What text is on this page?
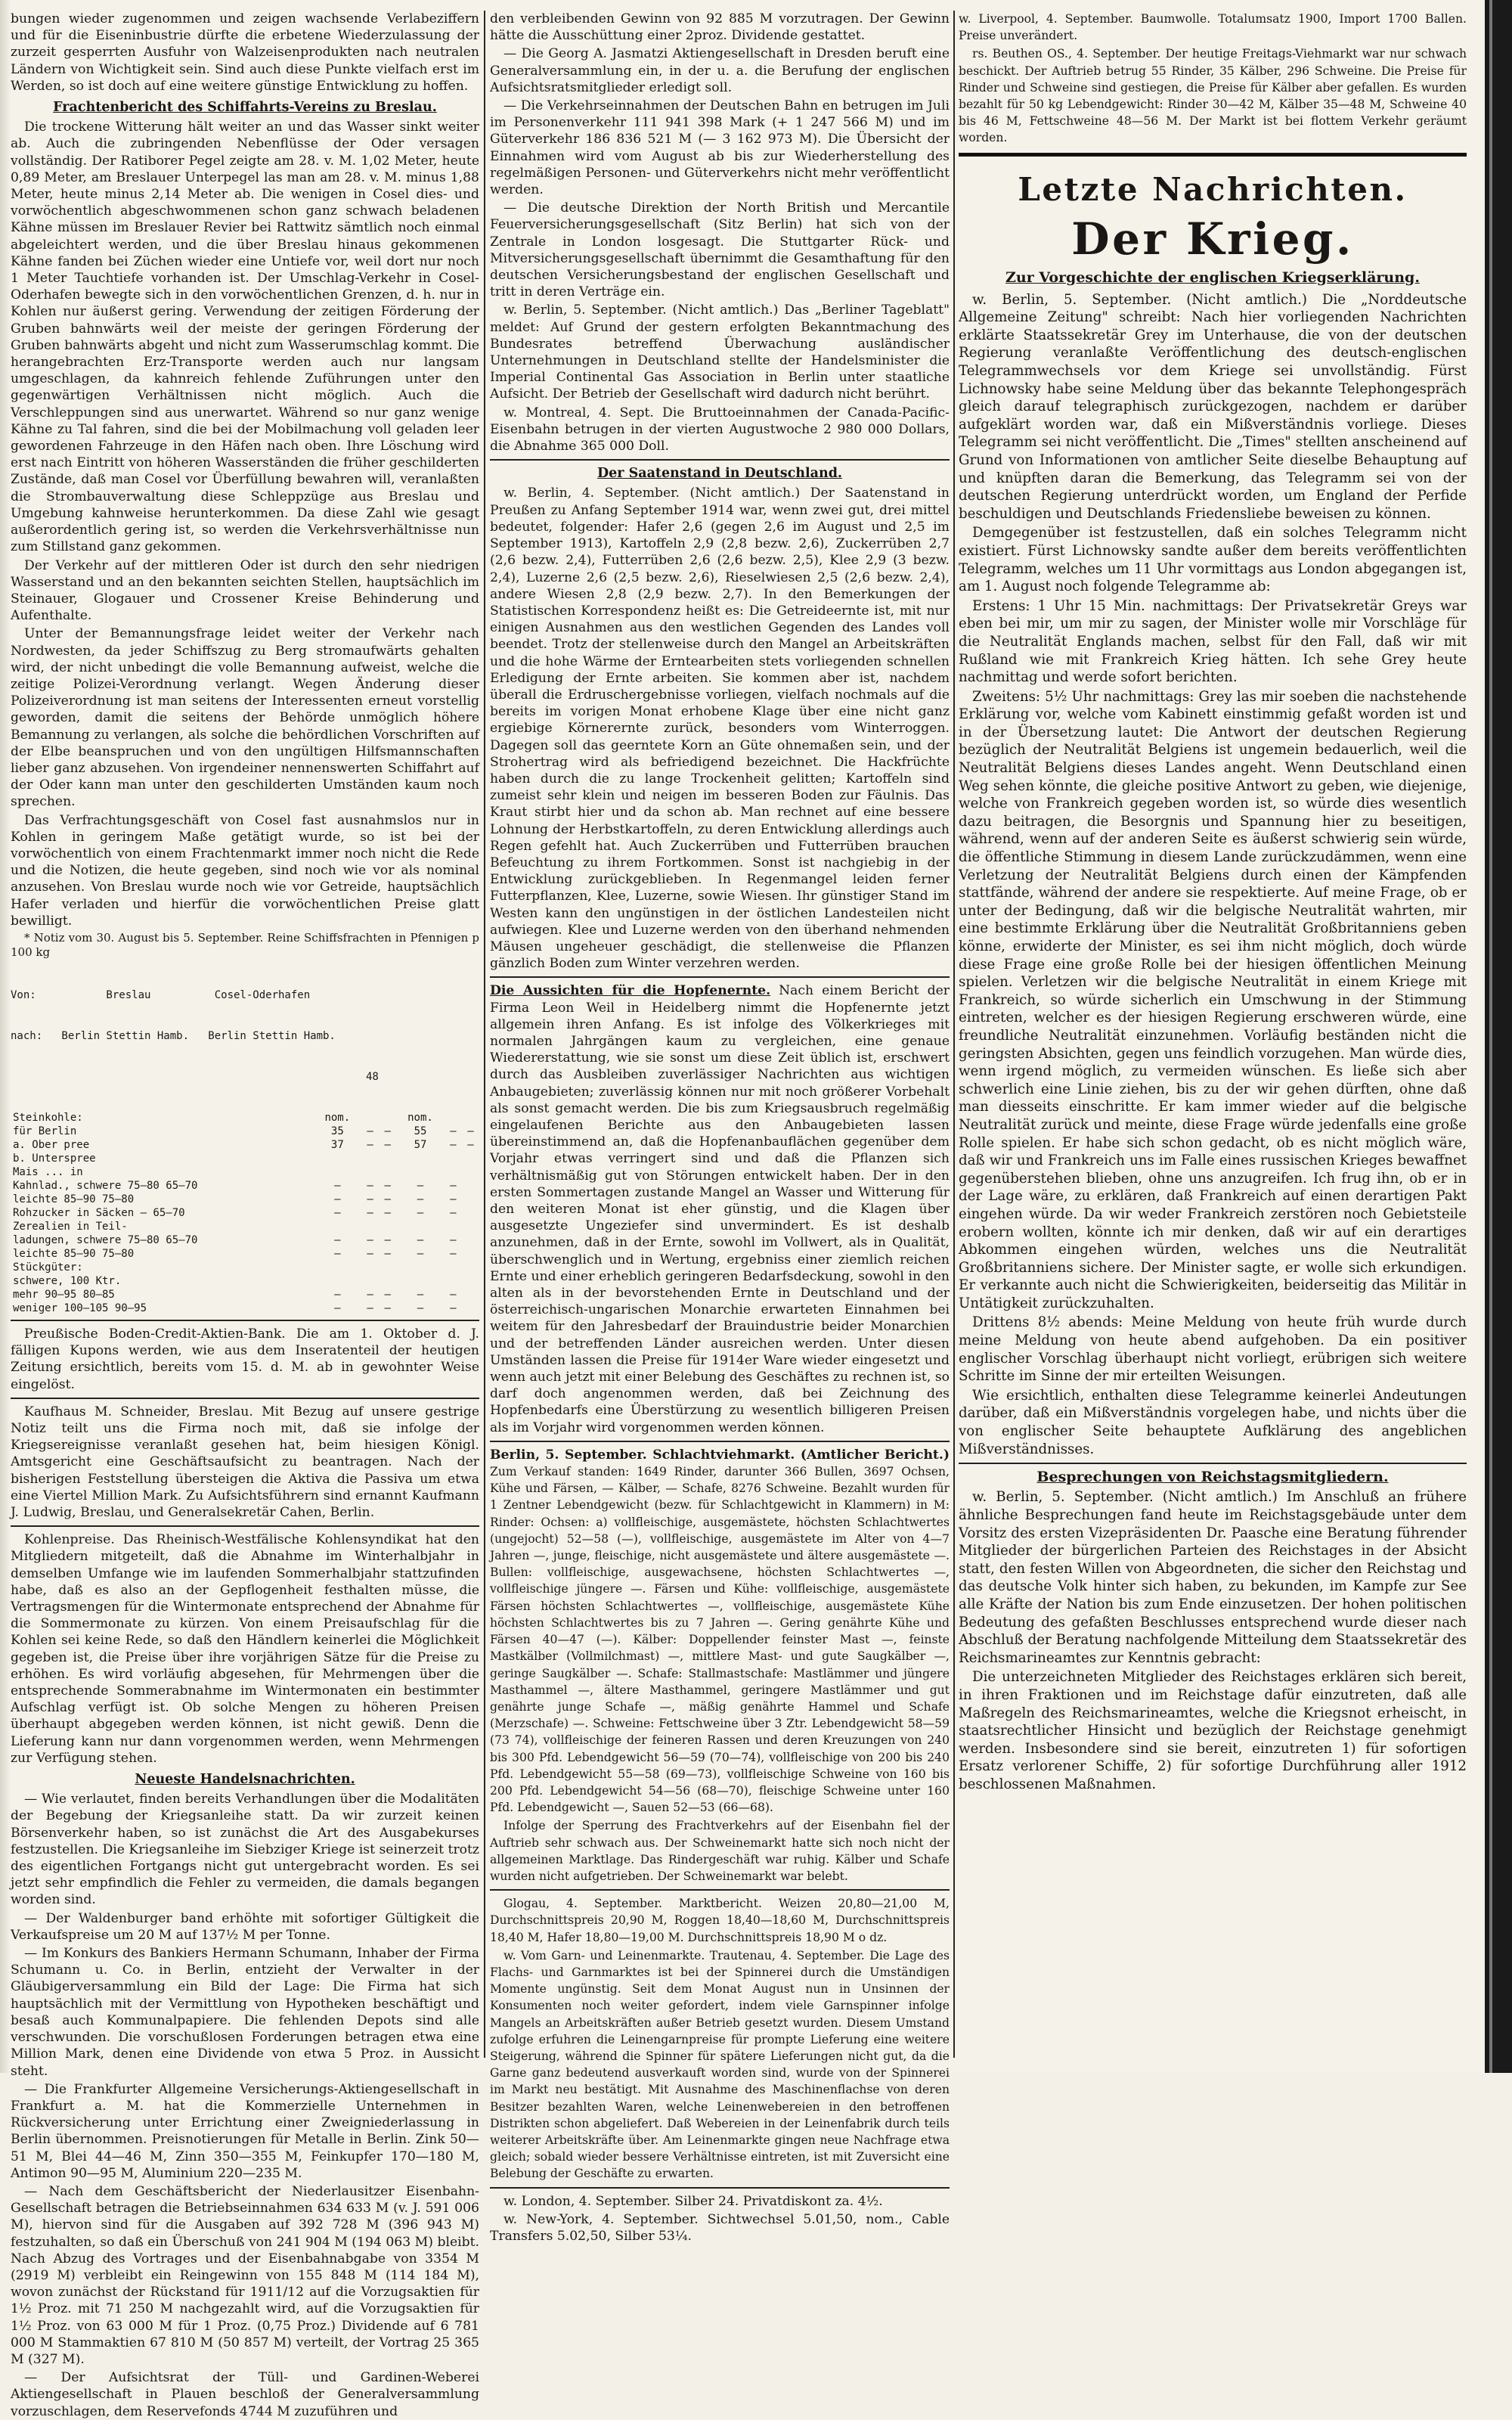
bungen wieder zugenommen und zeigen wachsende Verlabeziffern und für die Eiseninbustrie dürfte die erbetene Wiederzulassung der zurzeit gesperrten Ausfuhr von Walzeisenprodukten nach neutralen Ländern von Wichtigkeit sein. Sind auch diese Punkte vielfach erst im Werden, so ist doch auf eine weitere günstige Entwicklung zu hoffen.

Frachtenbericht des Schiffahrts-Vereins zu Breslau.

Die trockene Witterung hält weiter an und das Wasser sinkt weiter ab. Auch die zubringenden Nebenflüsse der Oder versagen vollständig. Der Ratiborer Pegel zeigte am 28. v. M. 1,02 Meter, heute 0,89 Meter, am Breslauer Unterpegel las man am 28. v. M. minus 1,88 Meter, heute minus 2,14 Meter ab. Die wenigen in Cosel dies- und vorwöchentlich abgeschwommenen schon ganz schwach beladenen Kähne müssen im Breslauer Revier bei Rattwitz sämtlich noch einmal abgeleichtert werden, und die über Breslau hinaus gekommenen Kähne fanden bei Züchen wieder eine Untiefe vor, weil dort nur noch 1 Meter Tauchtiefe vorhanden ist. Der Umschlag-Verkehr in Cosel-Oderhafen bewegte sich in den vorwöchentlichen Grenzen, d. h. nur in Kohlen nur äußerst gering. Verwendung der zeitigen Förderung der Gruben bahnwärts weil der meiste der geringen Förderung der Gruben bahnwärts abgeht und nicht zum Wasserumschlag kommt. Die herangebrachten Erz-Transporte werden auch nur langsam umgeschlagen, da kahnreich fehlende Zuführungen unter den gegenwärtigen Verhältnissen nicht möglich. Auch die Verschleppungen sind aus unerwartet. Während so nur ganz wenige Kähne zu Tal fahren, sind die bei der Mobilmachung voll geladen leer gewordenen Fahrzeuge in den Häfen nach oben. Ihre Löschung wird erst nach Eintritt von höheren Wasserständen die früher geschilderten Zustände, daß man Cosel vor Überfüllung bewahren will, veranlaßten die Strombauverwaltung diese Schleppzüge aus Breslau und Umgebung kahnweise herunterkommen. Da diese Zahl wie gesagt außerordentlich gering ist, so werden die Verkehrsverhältnisse nun zum Stillstand ganz gekommen.

Der Verkehr auf der mittleren Oder ist durch den sehr niedrigen Wasserstand und an den bekannten seichten Stellen, hauptsächlich im Steinauer, Glogauer und Crossener Kreise Behinderung und Aufenthalte.

Unter der Bemannungsfrage leidet weiter der Verkehr nach Nordwesten, da jeder Schiffszug zu Berg stromaufwärts gehalten wird, der nicht unbedingt die volle Bemannung aufweist, welche die zeitige Polizei-Verordnung verlangt. Wegen Änderung dieser Polizeiverordnung ist man seitens der Interessenten erneut vorstellig geworden, damit die seitens der Behörde unmöglich höhere Bemannung zu verlangen, als solche die behördlichen Vorschriften auf der Elbe beanspruchen und von den ungültigen Hilfsmannschaften lieber ganz abzusehen. Von irgendeiner nennenswerten Schiffahrt auf der Oder kann man unter den geschilderten Umständen kaum noch sprechen.

Das Verfrachtungsgeschäft von Cosel fast ausnahmslos nur in Kohlen in geringem Maße getätigt wurde, so ist bei der vorwöchentlich von einem Frachtenmarkt immer noch nicht die Rede und die Notizen, die heute gegeben, sind noch wie vor als nominal anzusehen. Von Breslau wurde noch wie vor Getreide, hauptsächlich Hafer verladen und hierfür die vorwöchentlichen Preise glatt bewilligt.

* Notiz vom 30. August bis 5. September. Reine Schiffsfrachten in Pfennigen p 100 kg

Von:           Breslau          Cosel-Oderhafen

nach:   Berlin Stettin Hamb.   Berlin Stettin Hamb.

48

Steinkohle:	nom.			nom.		
für Berlin	35	—	—	55	—	—
a. Ober pree	37	—	—	57	—	—
b. Unterspree						
Mais ... in						
Kahnlad., schwere 75—80 65—70	—	—	—	—	—	
leichte 85—90 75—80	—	—	—	—	—	
Rohzucker in Säcken — 65—70	—	—	—	—	—	
Zerealien in Teil-						
ladungen, schwere 75—80 65—70	—	—	—	—	—	
leichte 85—90 75—80	—	—	—	—	—	
Stückgüter:						
schwere, 100 Ktr.						
mehr 90—95 80—85	—	—	—	—	—	
weniger 100—105 90—95	—	—	—	—	—	

Preußische Boden-Credit-Aktien-Bank. Die am 1. Oktober d. J. fälligen Kupons werden, wie aus dem Inseratenteil der heutigen Zeitung ersichtlich, bereits vom 15. d. M. ab in gewohnter Weise eingelöst.

Kaufhaus M. Schneider, Breslau. Mit Bezug auf unsere gestrige Notiz teilt uns die Firma noch mit, daß sie infolge der Kriegsereignisse veranlaßt gesehen hat, beim hiesigen Königl. Amtsgericht eine Geschäftsaufsicht zu beantragen. Nach der bisherigen Feststellung übersteigen die Aktiva die Passiva um etwa eine Viertel Million Mark. Zu Aufsichtsführern sind ernannt Kaufmann J. Ludwig, Breslau, und Generalsekretär Cahen, Berlin.

Kohlenpreise. Das Rheinisch-Westfälische Kohlensyndikat hat den Mitgliedern mitgeteilt, daß die Abnahme im Winterhalbjahr in demselben Umfange wie im laufenden Sommerhalbjahr stattzufinden habe, daß es also an der Gepflogenheit festhalten müsse, die Vertragsmengen für die Wintermonate entsprechend der Abnahme für die Sommermonate zu kürzen. Von einem Preisaufschlag für die Kohlen sei keine Rede, so daß den Händlern keinerlei die Möglichkeit gegeben ist, die Preise über ihre vorjährigen Sätze für die Preise zu erhöhen. Es wird vorläufig abgesehen, für Mehrmengen über die entsprechende Sommerabnahme im Wintermonaten ein bestimmter Aufschlag verfügt ist. Ob solche Mengen zu höheren Preisen überhaupt abgegeben werden können, ist nicht gewiß. Denn die Lieferung kann nur dann vorgenommen werden, wenn Mehrmengen zur Verfügung stehen.

Neueste Handelsnachrichten.

— Wie verlautet, finden bereits Verhandlungen über die Modalitäten der Begebung der Kriegsanleihe statt. Da wir zurzeit keinen Börsenverkehr haben, so ist zunächst die Art des Ausgabekurses festzustellen. Die Kriegsanleihe im Siebziger Kriege ist seinerzeit trotz des eigentlichen Fortgangs nicht gut untergebracht worden. Es sei jetzt sehr empfindlich die Fehler zu vermeiden, die damals begangen worden sind.

— Der Waldenburger band erhöhte mit sofortiger Gültigkeit die Verkaufspreise um 20 M auf 137½ M per Tonne.

— Im Konkurs des Bankiers Hermann Schumann, Inhaber der Firma Schumann u. Co. in Berlin, entzieht der Verwalter in der Gläubigerversammlung ein Bild der Lage: Die Firma hat sich hauptsächlich mit der Vermittlung von Hypotheken beschäftigt und besaß auch Kommunalpapiere. Die fehlenden Depots sind alle verschwunden. Die vorschußlosen Forderungen betragen etwa eine Million Mark, denen eine Dividende von etwa 5 Proz. in Aussicht steht.

— Die Frankfurter Allgemeine Versicherungs-Aktiengesellschaft in Frankfurt a. M. hat die Kommerzielle Unternehmen in Rückversicherung unter Errichtung einer Zweigniederlassung in Berlin übernommen. Preisnotierungen für Metalle in Berlin. Zink 50—51 M, Blei 44—46 M, Zinn 350—355 M, Feinkupfer 170—180 M, Antimon 90—95 M, Aluminium 220—235 M.

— Nach dem Geschäftsbericht der Niederlausitzer Eisenbahn-Gesellschaft betragen die Betriebseinnahmen 634 633 M (v. J. 591 006 M), hiervon sind für die Ausgaben auf 392 728 M (396 943 M) festzuhalten, so daß ein Überschuß von 241 904 M (194 063 M) bleibt. Nach Abzug des Vortrages und der Eisenbahnabgabe von 3354 M (2919 M) verbleibt ein Reingewinn von 155 848 M (114 184 M), wovon zunächst der Rückstand für 1911/12 auf die Vorzugsaktien für 1½ Proz. mit 71 250 M nachgezahlt wird, auf die Vorzugsaktien für 1½ Proz. von 63 000 M für 1 Proz. (0,75 Proz.) Dividende auf 6 781 000 M Stammaktien 67 810 M (50 857 M) verteilt, der Vortrag 25 365 M (327 M).

— Der Aufsichtsrat der Tüll- und Gardinen-Weberei Aktiengesellschaft in Plauen beschloß der Generalversammlung vorzuschlagen, dem Reservefonds 4744 M zuzuführen und

den verbleibenden Gewinn von 92 885 M vorzutragen. Der Gewinn hätte die Ausschüttung einer 2proz. Dividende gestattet.

— Die Georg A. Jasmatzi Aktiengesellschaft in Dresden beruft eine Generalversammlung ein, in der u. a. die Berufung der englischen Aufsichtsratsmitglieder erledigt soll.

— Die Verkehrseinnahmen der Deutschen Bahn en betrugen im Juli im Personenverkehr 111 941 398 Mark (+ 1 247 566 M) und im Güterverkehr 186 836 521 M (— 3 162 973 M). Die Übersicht der Einnahmen wird vom August ab bis zur Wiederherstellung des regelmäßigen Personen- und Güterverkehrs nicht mehr veröffentlicht werden.

— Die deutsche Direktion der North British und Mercantile Feuerversicherungsgesellschaft (Sitz Berlin) hat sich von der Zentrale in London losgesagt. Die Stuttgarter Rück- und Mitversicherungsgesellschaft übernimmt die Gesamthaftung für den deutschen Versicherungsbestand der englischen Gesellschaft und tritt in deren Verträge ein.

w. Berlin, 5. September. (Nicht amtlich.) Das „Berliner Tageblatt" meldet: Auf Grund der gestern erfolgten Bekanntmachung des Bundesrates betreffend Überwachung ausländischer Unternehmungen in Deutschland stellte der Handelsminister die Imperial Continental Gas Association in Berlin unter staatliche Aufsicht. Der Betrieb der Gesellschaft wird dadurch nicht berührt.

w. Montreal, 4. Sept. Die Bruttoeinnahmen der Canada-Pacific-Eisenbahn betrugen in der vierten Augustwoche 2 980 000 Dollars, die Abnahme 365 000 Doll.

Der Saatenstand in Deutschland.

w. Berlin, 4. September. (Nicht amtlich.) Der Saatenstand in Preußen zu Anfang September 1914 war, wenn zwei gut, drei mittel bedeutet, folgender: Hafer 2,6 (gegen 2,6 im August und 2,5 im September 1913), Kartoffeln 2,9 (2,8 bezw. 2,6), Zuckerrüben 2,7 (2,6 bezw. 2,4), Futterrüben 2,6 (2,6 bezw. 2,5), Klee 2,9 (3 bezw. 2,4), Luzerne 2,6 (2,5 bezw. 2,6), Rieselwiesen 2,5 (2,6 bezw. 2,4), andere Wiesen 2,8 (2,9 bezw. 2,7). In den Bemerkungen der Statistischen Korrespondenz heißt es: Die Getreideernte ist, mit nur einigen Ausnahmen aus den westlichen Gegenden des Landes voll beendet. Trotz der stellenweise durch den Mangel an Arbeitskräften und die hohe Wärme der Erntearbeiten stets vorliegenden schnellen Erledigung der Ernte arbeiten. Sie kommen aber ist, nachdem überall die Erdruschergebnisse vorliegen, vielfach nochmals auf die bereits im vorigen Monat erhobene Klage über eine nicht ganz ergiebige Körnerernte zurück, besonders vom Winterroggen. Dagegen soll das geerntete Korn an Güte ohnemaßen sein, und der Strohertrag wird als befriedigend bezeichnet. Die Hackfrüchte haben durch die zu lange Trockenheit gelitten; Kartoffeln sind zumeist sehr klein und neigen im besseren Boden zur Fäulnis. Das Kraut stirbt hier und da schon ab. Man rechnet auf eine bessere Lohnung der Herbstkartoffeln, zu deren Entwicklung allerdings auch Regen gefehlt hat. Auch Zuckerrüben und Futterrüben brauchen Befeuchtung zu ihrem Fortkommen. Sonst ist nachgiebig in der Entwicklung zurückgeblieben. In Regenmangel leiden ferner Futterpflanzen, Klee, Luzerne, sowie Wiesen. Ihr günstiger Stand im Westen kann den ungünstigen in der östlichen Landesteilen nicht aufwiegen. Klee und Luzerne werden von den überhand nehmenden Mäusen ungeheuer geschädigt, die stellenweise die Pflanzen gänzlich Boden zum Winter verzehren werden.

Die Aussichten für die Hopfenernte. Nach einem Bericht der Firma Leon Weil in Heidelberg nimmt die Hopfenernte jetzt allgemein ihren Anfang. Es ist infolge des Völkerkrieges mit normalen Jahrgängen kaum zu vergleichen, eine genaue Wiedererstattung, wie sie sonst um diese Zeit üblich ist, erschwert durch das Ausbleiben zuverlässiger Nachrichten aus wichtigen Anbaugebieten; zuverlässig können nur mit noch größerer Vorbehalt als sonst gemacht werden. Die bis zum Kriegsausbruch regelmäßig eingelaufenen Berichte aus den Anbaugebieten lassen übereinstimmend an, daß die Hopfenanbauflächen gegenüber dem Vorjahr etwas verringert sind und daß die Pflanzen sich verhältnismäßig gut von Störungen entwickelt haben. Der in den ersten Sommertagen zustande Mangel an Wasser und Witterung für den weiteren Monat ist eher günstig, und die Klagen über ausgesetzte Ungeziefer sind unvermindert. Es ist deshalb anzunehmen, daß in der Ernte, sowohl im Vollwert, als in Qualität, überschwenglich und in Wertung, ergebniss einer ziemlich reichen Ernte und einer erheblich geringeren Bedarfsdeckung, sowohl in den alten als in der bevorstehenden Ernte in Deutschland und der österreichisch-ungarischen Monarchie erwarteten Einnahmen bei weitem für den Jahresbedarf der Brauindustrie beider Monarchien und der betreffenden Länder ausreichen werden. Unter diesen Umständen lassen die Preise für 1914er Ware wieder eingesetzt und wenn auch jetzt mit einer Belebung des Geschäftes zu rechnen ist, so darf doch angenommen werden, daß bei Zeichnung des Hopfenbedarfs eine Überstürzung zu wesentlich billigeren Preisen als im Vorjahr wird vorgenommen werden können.

Berlin, 5. September. Schlachtviehmarkt. (Amtlicher Bericht.) Zum Verkauf standen: 1649 Rinder, darunter 366 Bullen, 3697 Ochsen, Kühe und Färsen, — Kälber, — Schafe, 8276 Schweine. Bezahlt wurden für 1 Zentner Lebendgewicht (bezw. für Schlachtgewicht in Klammern) in M: Rinder: Ochsen: a) vollfleischige, ausgemästete, höchsten Schlachtwertes (ungejocht) 52—58 (—), vollfleischige, ausgemästete im Alter von 4—7 Jahren —, junge, fleischige, nicht ausgemästete und ältere ausgemästete —. Bullen: vollfleischige, ausgewachsene, höchsten Schlachtwertes —, vollfleischige jüngere —. Färsen und Kühe: vollfleischige, ausgemästete Färsen höchsten Schlachtwertes —, vollfleischige, ausgemästete Kühe höchsten Schlachtwertes bis zu 7 Jahren —. Gering genährte Kühe und Färsen 40—47 (—). Kälber: Doppellender feinster Mast —, feinste Mastkälber (Vollmilchmast) —, mittlere Mast- und gute Saugkälber —, geringe Saugkälber —. Schafe: Stallmastschafe: Mastlämmer und jüngere Masthammel —, ältere Masthammel, geringere Mastlämmer und gut genährte junge Schafe —, mäßig genährte Hammel und Schafe (Merzschafe) —. Schweine: Fettschweine über 3 Ztr. Lebendgewicht 58—59 (73 74), vollfleischige der feineren Rassen und deren Kreuzungen von 240 bis 300 Pfd. Lebendgewicht 56—59 (70—74), vollfleischige von 200 bis 240 Pfd. Lebendgewicht 55—58 (69—73), vollfleischige Schweine von 160 bis 200 Pfd. Lebendgewicht 54—56 (68—70), fleischige Schweine unter 160 Pfd. Lebendgewicht —, Sauen 52—53 (66—68).

Infolge der Sperrung des Frachtverkehrs auf der Eisenbahn fiel der Auftrieb sehr schwach aus. Der Schweinemarkt hatte sich noch nicht der allgemeinen Marktlage. Das Rindergeschäft war ruhig. Kälber und Schafe wurden nicht aufgetrieben. Der Schweinemarkt war belebt.

Glogau, 4. September. Marktbericht. Weizen 20,80—21,00 M, Durchschnittspreis 20,90 M, Roggen 18,40—18,60 M, Durchschnittspreis 18,40 M, Hafer 18,80—19,00 M. Durchschnittspreis 18,90 M o dz.

w. Vom Garn- und Leinenmarkte. Trautenau, 4. September. Die Lage des Flachs- und Garnmarktes ist bei der Spinnerei durch die Umständigen Momente ungünstig. Seit dem Monat August nun in Unsinnen der Konsumenten noch weiter gefordert, indem viele Garnspinner infolge Mangels an Arbeitskräften außer Betrieb gesetzt wurden. Diesem Umstand zufolge erfuhren die Leinengarnpreise für prompte Lieferung eine weitere Steigerung, während die Spinner für spätere Lieferungen nicht gut, da die Garne ganz bedeutend ausverkauft worden sind, wurde von der Spinnerei im Markt neu bestätigt. Mit Ausnahme des Maschinenflachse von deren Besitzer bezahlten Waren, welche Leinenwebereien in den betroffenen Distrikten schon abgeliefert. Daß Webereien in der Leinenfabrik durch teils weiterer Arbeitskräfte über. Am Leinenmarkte gingen neue Nachfrage etwa gleich; sobald wieder bessere Verhältnisse eintreten, ist mit Zuversicht eine Belebung der Geschäfte zu erwarten.

w. London, 4. September. Silber 24. Privatdiskont za. 4½.

w. New-York, 4. September. Sichtwechsel 5.01,50, nom., Cable Transfers 5.02,50, Silber 53¼.

w. Liverpool, 4. September. Baumwolle. Totalumsatz 1900, Import 1700 Ballen. Preise unverändert.

rs. Beuthen OS., 4. September. Der heutige Freitags-Viehmarkt war nur schwach beschickt. Der Auftrieb betrug 55 Rinder, 35 Kälber, 296 Schweine. Die Preise für Rinder und Schweine sind gestiegen, die Preise für Kälber aber gefallen. Es wurden bezahlt für 50 kg Lebendgewicht: Rinder 30—42 M, Kälber 35—48 M, Schweine 40 bis 46 M, Fettschweine 48—56 M. Der Markt ist bei flottem Verkehr geräumt worden.

Letzte Nachrichten.
Der Krieg.
Zur Vorgeschichte der englischen Kriegserklärung.

w. Berlin, 5. September. (Nicht amtlich.) Die „Norddeutsche Allgemeine Zeitung" schreibt: Nach hier vorliegenden Nachrichten erklärte Staatssekretär Grey im Unterhause, die von der deutschen Regierung veranlaßte Veröffentlichung des deutsch-englischen Telegrammwechsels vor dem Kriege sei unvollständig. Fürst Lichnowsky habe seine Meldung über das bekannte Telephongespräch gleich darauf telegraphisch zurückgezogen, nachdem er darüber aufgeklärt worden war, daß ein Mißverständnis vorliege. Dieses Telegramm sei nicht veröffentlicht. Die „Times" stellten anscheinend auf Grund von Informationen von amtlicher Seite dieselbe Behauptung auf und knüpften daran die Bemerkung, das Telegramm sei von der deutschen Regierung unterdrückt worden, um England der Perfide beschuldigen und Deutschlands Friedensliebe beweisen zu können.

Demgegenüber ist festzustellen, daß ein solches Telegramm nicht existiert. Fürst Lichnowsky sandte außer dem bereits veröffentlichten Telegramm, welches um 11 Uhr vormittags aus London abgegangen ist, am 1. August noch folgende Telegramme ab:

Erstens: 1 Uhr 15 Min. nachmittags: Der Privatsekretär Greys war eben bei mir, um mir zu sagen, der Minister wolle mir Vorschläge für die Neutralität Englands machen, selbst für den Fall, daß wir mit Rußland wie mit Frankreich Krieg hätten. Ich sehe Grey heute nachmittag und werde sofort berichten.

Zweitens: 5½ Uhr nachmittags: Grey las mir soeben die nachstehende Erklärung vor, welche vom Kabinett einstimmig gefaßt worden ist und in der Übersetzung lautet: Die Antwort der deutschen Regierung bezüglich der Neutralität Belgiens ist ungemein bedauerlich, weil die Neutralität Belgiens dieses Landes angeht. Wenn Deutschland einen Weg sehen könnte, die gleiche positive Antwort zu geben, wie diejenige, welche von Frankreich gegeben worden ist, so würde dies wesentlich dazu beitragen, die Besorgnis und Spannung hier zu beseitigen, während, wenn auf der anderen Seite es äußerst schwierig sein würde, die öffentliche Stimmung in diesem Lande zurückzudämmen, wenn eine Verletzung der Neutralität Belgiens durch einen der Kämpfenden stattfände, während der andere sie respektierte. Auf meine Frage, ob er unter der Bedingung, daß wir die belgische Neutralität wahrten, mir eine bestimmte Erklärung über die Neutralität Großbritanniens geben könne, erwiderte der Minister, es sei ihm nicht möglich, doch würde diese Frage eine große Rolle bei der hiesigen öffentlichen Meinung spielen. Verletzen wir die belgische Neutralität in einem Kriege mit Frankreich, so würde sicherlich ein Umschwung in der Stimmung eintreten, welcher es der hiesigen Regierung erschweren würde, eine freundliche Neutralität einzunehmen. Vorläufig beständen nicht die geringsten Absichten, gegen uns feindlich vorzugehen. Man würde dies, wenn irgend möglich, zu vermeiden wünschen. Es ließe sich aber schwerlich eine Linie ziehen, bis zu der wir gehen dürften, ohne daß man diesseits einschritte. Er kam immer wieder auf die belgische Neutralität zurück und meinte, diese Frage würde jedenfalls eine große Rolle spielen. Er habe sich schon gedacht, ob es nicht möglich wäre, daß wir und Frankreich uns im Falle eines russischen Krieges bewaffnet gegenüberstehen blieben, ohne uns anzugreifen. Ich frug ihn, ob er in der Lage wäre, zu erklären, daß Frankreich auf einen derartigen Pakt eingehen würde. Da wir weder Frankreich zerstören noch Gebietsteile erobern wollten, könnte ich mir denken, daß wir auf ein derartiges Abkommen eingehen würden, welches uns die Neutralität Großbritanniens sichere. Der Minister sagte, er wolle sich erkundigen. Er verkannte auch nicht die Schwierigkeiten, beiderseitig das Militär in Untätigkeit zurückzuhalten.

Drittens 8½ abends: Meine Meldung von heute früh wurde durch meine Meldung von heute abend aufgehoben. Da ein positiver englischer Vorschlag überhaupt nicht vorliegt, erübrigen sich weitere Schritte im Sinne der mir erteilten Weisungen.

Wie ersichtlich, enthalten diese Telegramme keinerlei Andeutungen darüber, daß ein Mißverständnis vorgelegen habe, und nichts über die von englischer Seite behauptete Aufklärung des angeblichen Mißverständnisses.

Besprechungen von Reichstagsmitgliedern.

w. Berlin, 5. September. (Nicht amtlich.) Im Anschluß an frühere ähnliche Besprechungen fand heute im Reichstagsgebäude unter dem Vorsitz des ersten Vizepräsidenten Dr. Paasche eine Beratung führender Mitglieder der bürgerlichen Parteien des Reichstages in der Absicht statt, den festen Willen von Abgeordneten, die sicher den Reichstag und das deutsche Volk hinter sich haben, zu bekunden, im Kampfe zur See alle Kräfte der Nation bis zum Ende einzusetzen. Der hohen politischen Bedeutung des gefaßten Beschlusses entsprechend wurde dieser nach Abschluß der Beratung nachfolgende Mitteilung dem Staatssekretär des Reichsmarineamtes zur Kenntnis gebracht:

Die unterzeichneten Mitglieder des Reichstages erklären sich bereit, in ihren Fraktionen und im Reichstage dafür einzutreten, daß alle Maßregeln des Reichsmarineamtes, welche die Kriegsnot erheischt, in staatsrechtlicher Hinsicht und bezüglich der Reichstage genehmigt werden. Insbesondere sind sie bereit, einzutreten 1) für sofortigen Ersatz verlorener Schiffe, 2) für sofortige Durchführung aller 1912 beschlossenen Maßnahmen.
